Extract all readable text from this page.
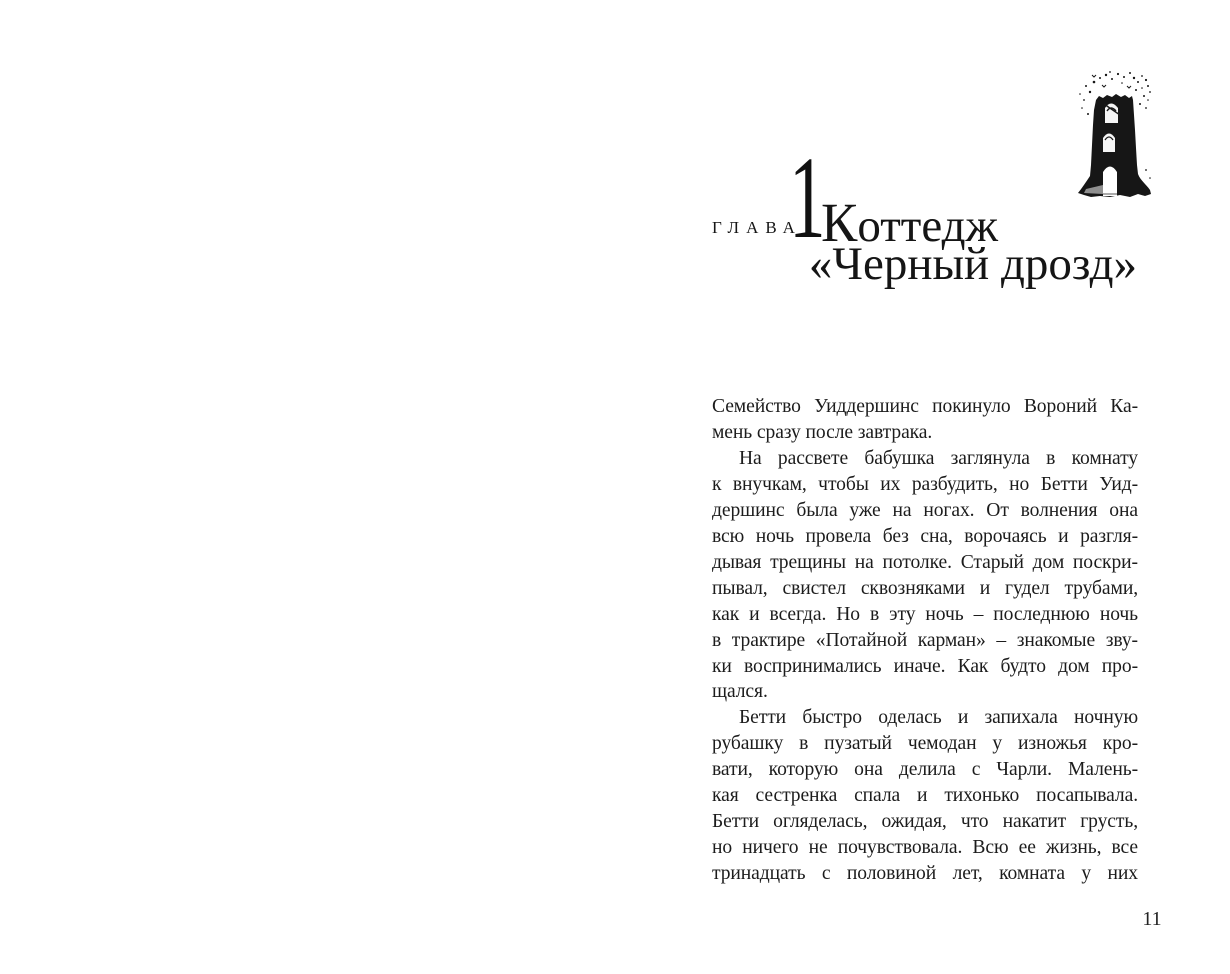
ГЛАВА
1
Коттедж
«Черный дрозд»
Семейство Уиддершинс покинуло Вороний Ка-
мень сразу после завтрака.
На рассвете бабушка заглянула в комнату
к внучкам, чтобы их разбудить, но Бетти Уид-
дершинс была уже на ногах. От волнения она
всю ночь провела без сна, ворочаясь и разгля-
дывая трещины на потолке. Старый дом поскри-
пывал, свистел сквозняками и гудел трубами,
как и всегда. Но в эту ночь – последнюю ночь
в трактире «Потайной карман» – знакомые зву-
ки воспринимались иначе. Как будто дом про-
щался.
Бетти быстро оделась и запихала ночную
рубашку в пузатый чемодан у изножья кро-
вати, которую она делила с Чарли. Малень-
кая сестренка спала и тихонько посапывала.
Бетти огляделась, ожидая, что накатит грусть,
но ничего не почувствовала. Всю ее жизнь, все
тринадцать с половиной лет, комната у них
11
